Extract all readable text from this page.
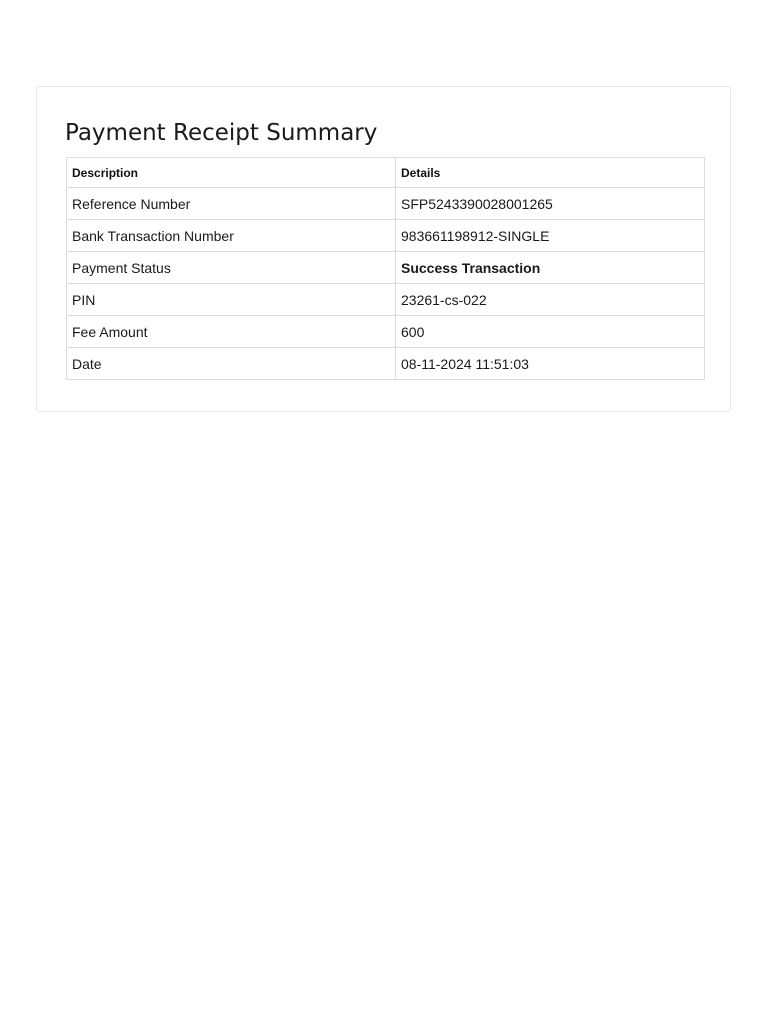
Payment Receipt Summary
Description	Details
Reference Number	SFP5243390028001265
Bank Transaction Number	983661198912-SINGLE
Payment Status	Success Transaction
PIN	23261-cs-022
Fee Amount	600
Date	08-11-2024 11:51:03
